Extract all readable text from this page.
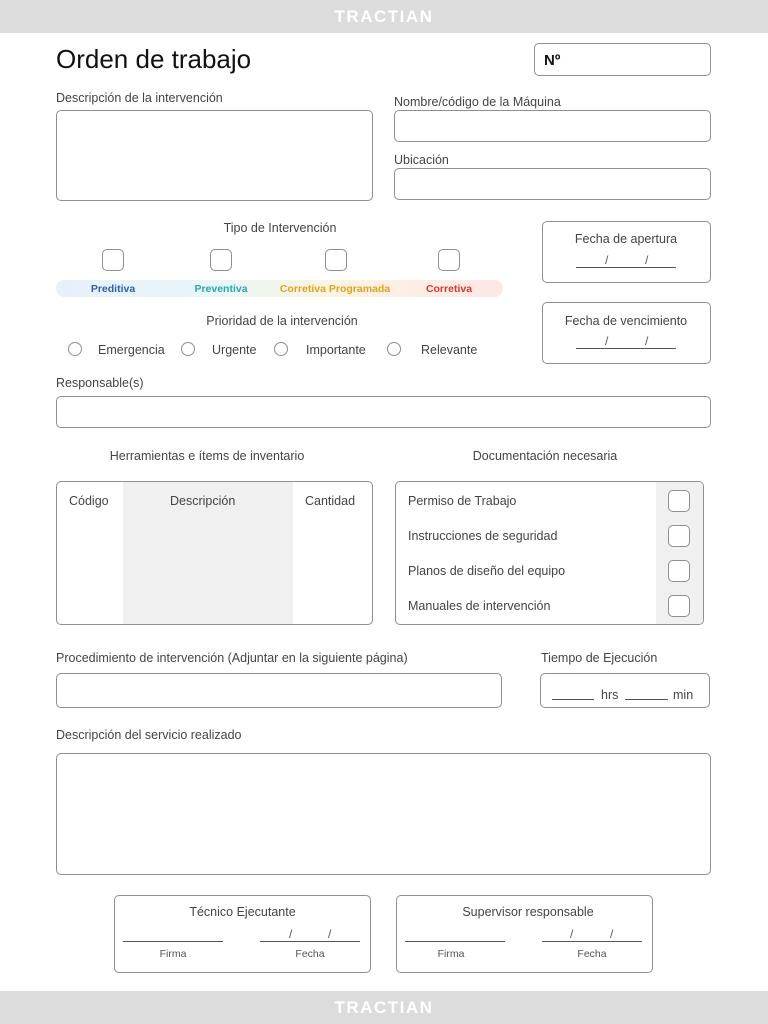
TRACTIAN
Orden de trabajo	Nº
Descripción de la intervención	Nombre/código de la Máquina
Ubicación
Tipo de Intervención
Preditiva	Preventiva	Corretiva Programada	Corretiva
Fecha de apertura
/	/
Fecha de vencimiento
/	/
Prioridad de la intervención
Emergencia	Urgente	Importante	Relevante
Responsable(s)
Herramientas e ítems de inventario
Código	Descripción	Cantidad
Documentación necesaria
Permiso de Trabajo
Instrucciones de seguridad
Planos de diseño del equipo
Manuales de intervención
Procedimiento de intervención (Adjuntar en la siguiente página)	Tiempo de Ejecución
hrs	min
Descripción del servicio realizado
Técnico Ejecutante
Firma
/	/
Fecha
Supervisor responsable
Firma
/	/
Fecha
TRACTIAN
